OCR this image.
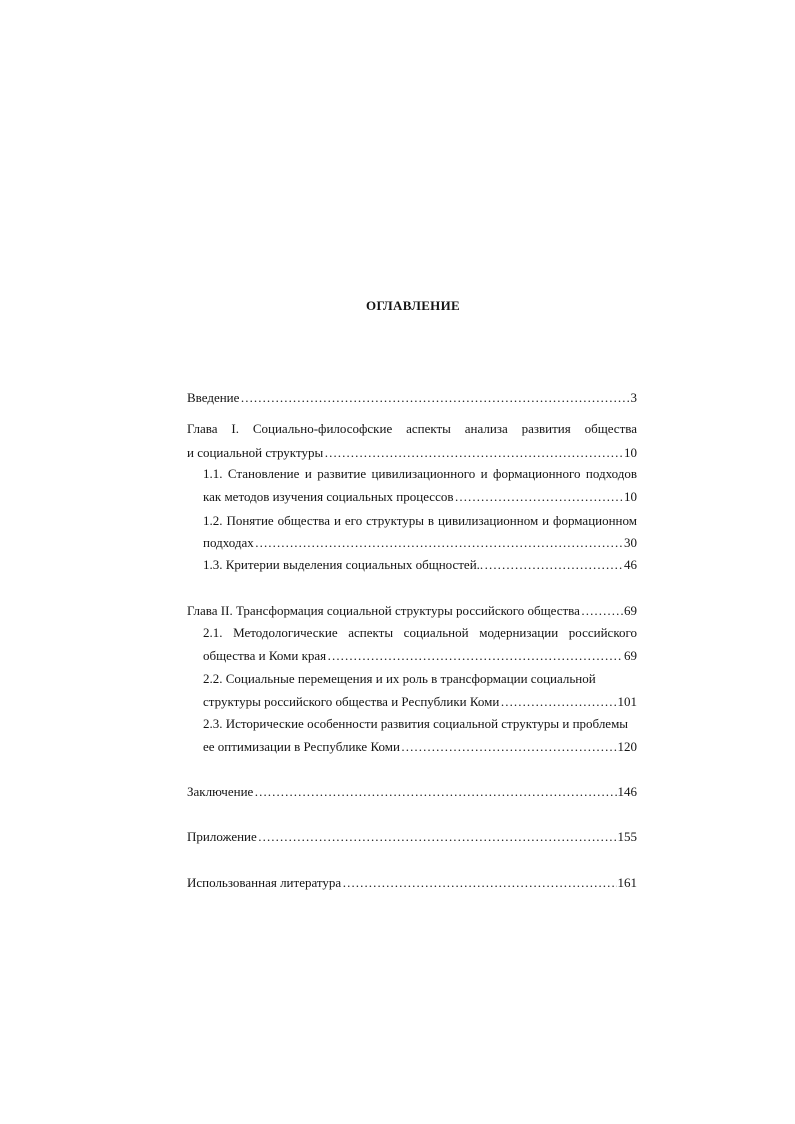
ОГЛАВЛЕНИЕ
Введение …………………………………………………………………………………………………………………………………………………………………………………………………………	3
Глава I. Социально-философские аспекты анализа развития общества
и социальной структуры …………………………………………………………………………………………………………………………………………………………………………………………………………	10
1.1. Становление и развитие цивилизационного и формационного подходов
как методов изучения социальных процессов …………………………………………………………………………………………………………………………………………………………………………………………………………	10
1.2. Понятие общества и его структуры в цивилизационном и формационном
подходах …………………………………………………………………………………………………………………………………………………………………………………………………………	30
1.3. Критерии выделения социальных общностей.. …………………………………………………………………………………………………………………………………………………………………………………………………………	46
Глава II. Трансформация социальной структуры российского общества …………………………………………………………………………………………………………………………………………………………………………………………………………	69
2.1. Методологические аспекты социальной модернизации российского
общества и Коми края …………………………………………………………………………………………………………………………………………………………………………………………………………	69
2.2. Социальные перемещения и их роль в трансформации социальной
структуры российского общества и Республики Коми …………………………………………………………………………………………………………………………………………………………………………………………………………	101
2.3. Исторические особенности развития социальной структуры и проблемы
ее оптимизации в Республике Коми …………………………………………………………………………………………………………………………………………………………………………………………………………	120
Заключение …………………………………………………………………………………………………………………………………………………………………………………………………………	146
Приложение …………………………………………………………………………………………………………………………………………………………………………………………………………	155
Использованная литература …………………………………………………………………………………………………………………………………………………………………………………………………………	161
